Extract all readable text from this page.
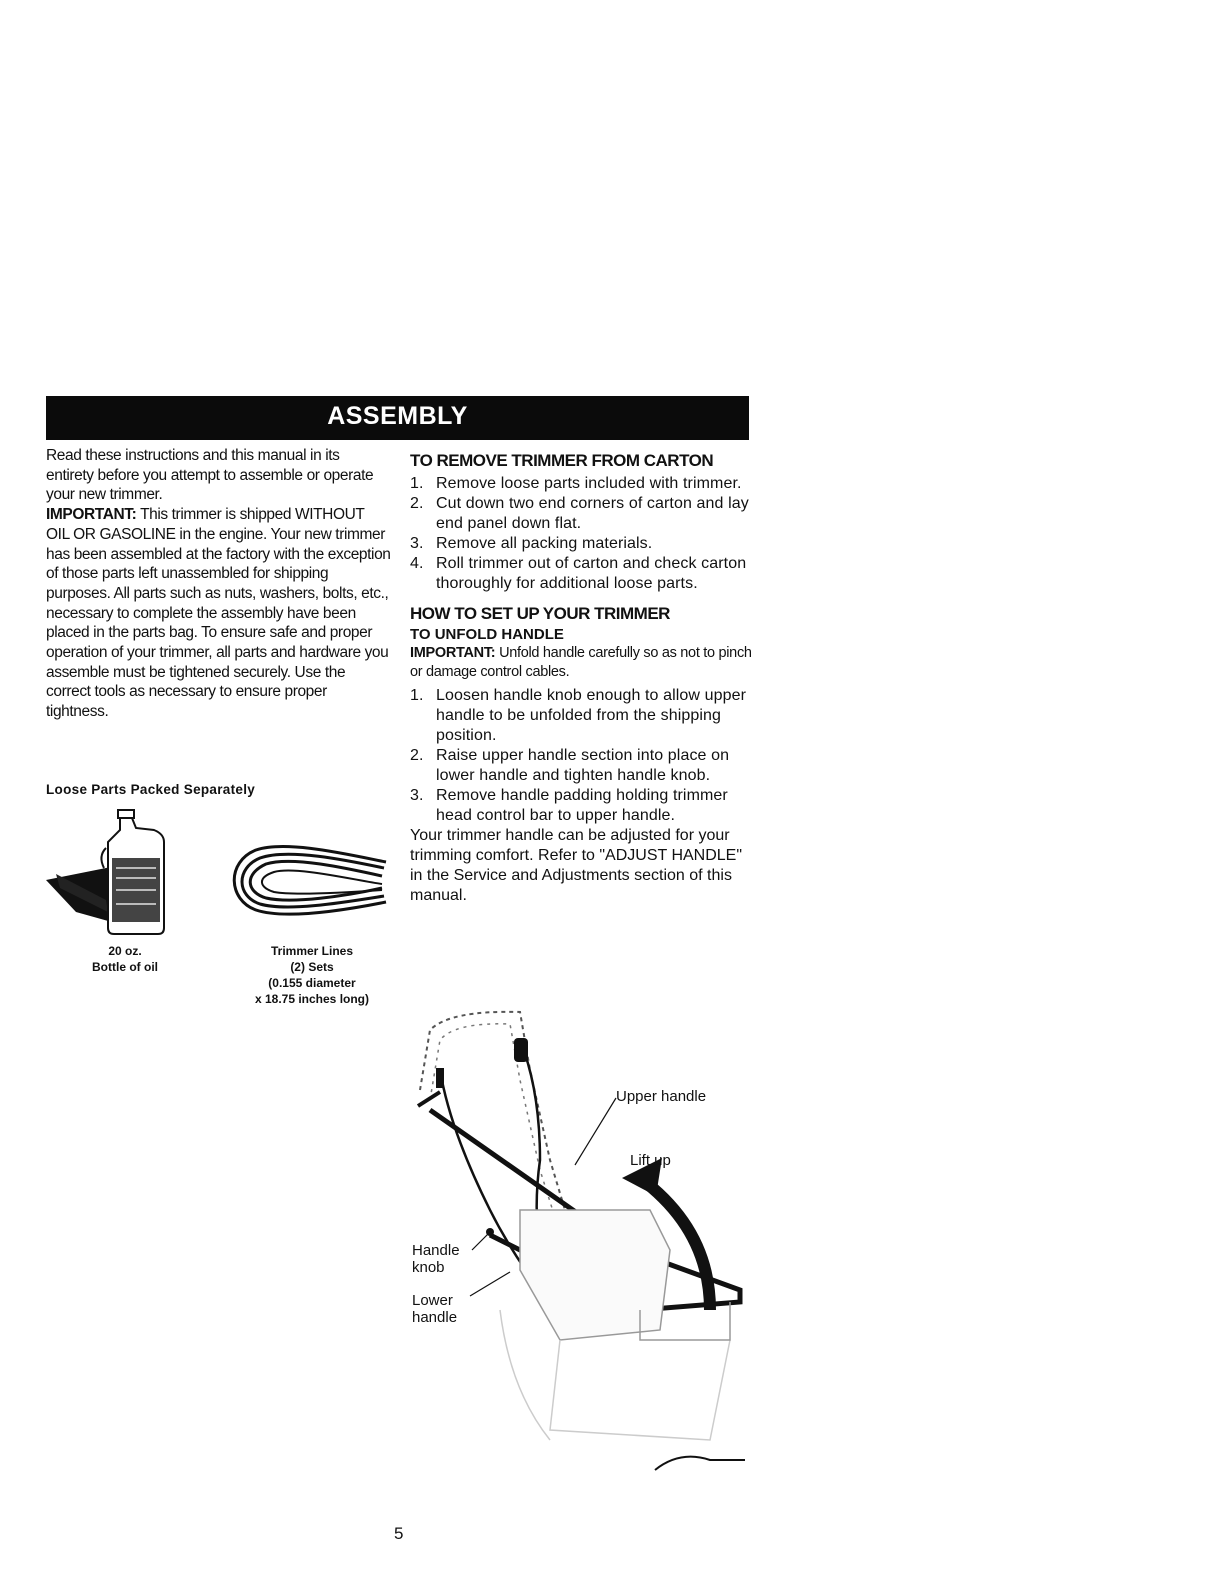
ASSEMBLY

Read these instructions and this manual in its entirety before you attempt to assemble or operate your new trimmer.

IMPORTANT: This trimmer is shipped WITHOUT OIL OR GASOLINE in the engine. Your new trimmer has been assembled at the factory with the exception of those parts left unassembled for shipping purposes. All parts such as nuts, washers, bolts, etc., necessary to complete the assembly have been placed in the parts bag. To ensure safe and proper operation of your trimmer, all parts and hardware you assemble must be tightened securely. Use the correct tools as necessary to ensure proper tightness.

Loose Parts Packed Separately
20 oz.
Bottle of oil
Trimmer Lines
(2) Sets
(0.155 diameter
x 18.75 inches long)
TO REMOVE TRIMMER FROM CARTON
1. Remove loose parts included with trimmer.
2. Cut down two end corners of carton and lay end panel down flat.
3. Remove all packing materials.
4. Roll trimmer out of carton and check carton thoroughly for additional loose parts.
HOW TO SET UP YOUR TRIMMER
TO UNFOLD HANDLE

IMPORTANT: Unfold handle carefully so as not to pinch or damage control cables.

1. Loosen handle knob enough to allow upper handle to be unfolded from the shipping position.
2. Raise upper handle section into place on lower handle and tighten handle knob.
3. Remove handle padding holding trimmer head control bar to upper handle.

Your trimmer handle can be adjusted for your trimming comfort. Refer to "ADJUST HANDLE" in the Service and Adjustments section of this manual.

Upper handle
Lift up
Handle
knob
Lower
handle
5
